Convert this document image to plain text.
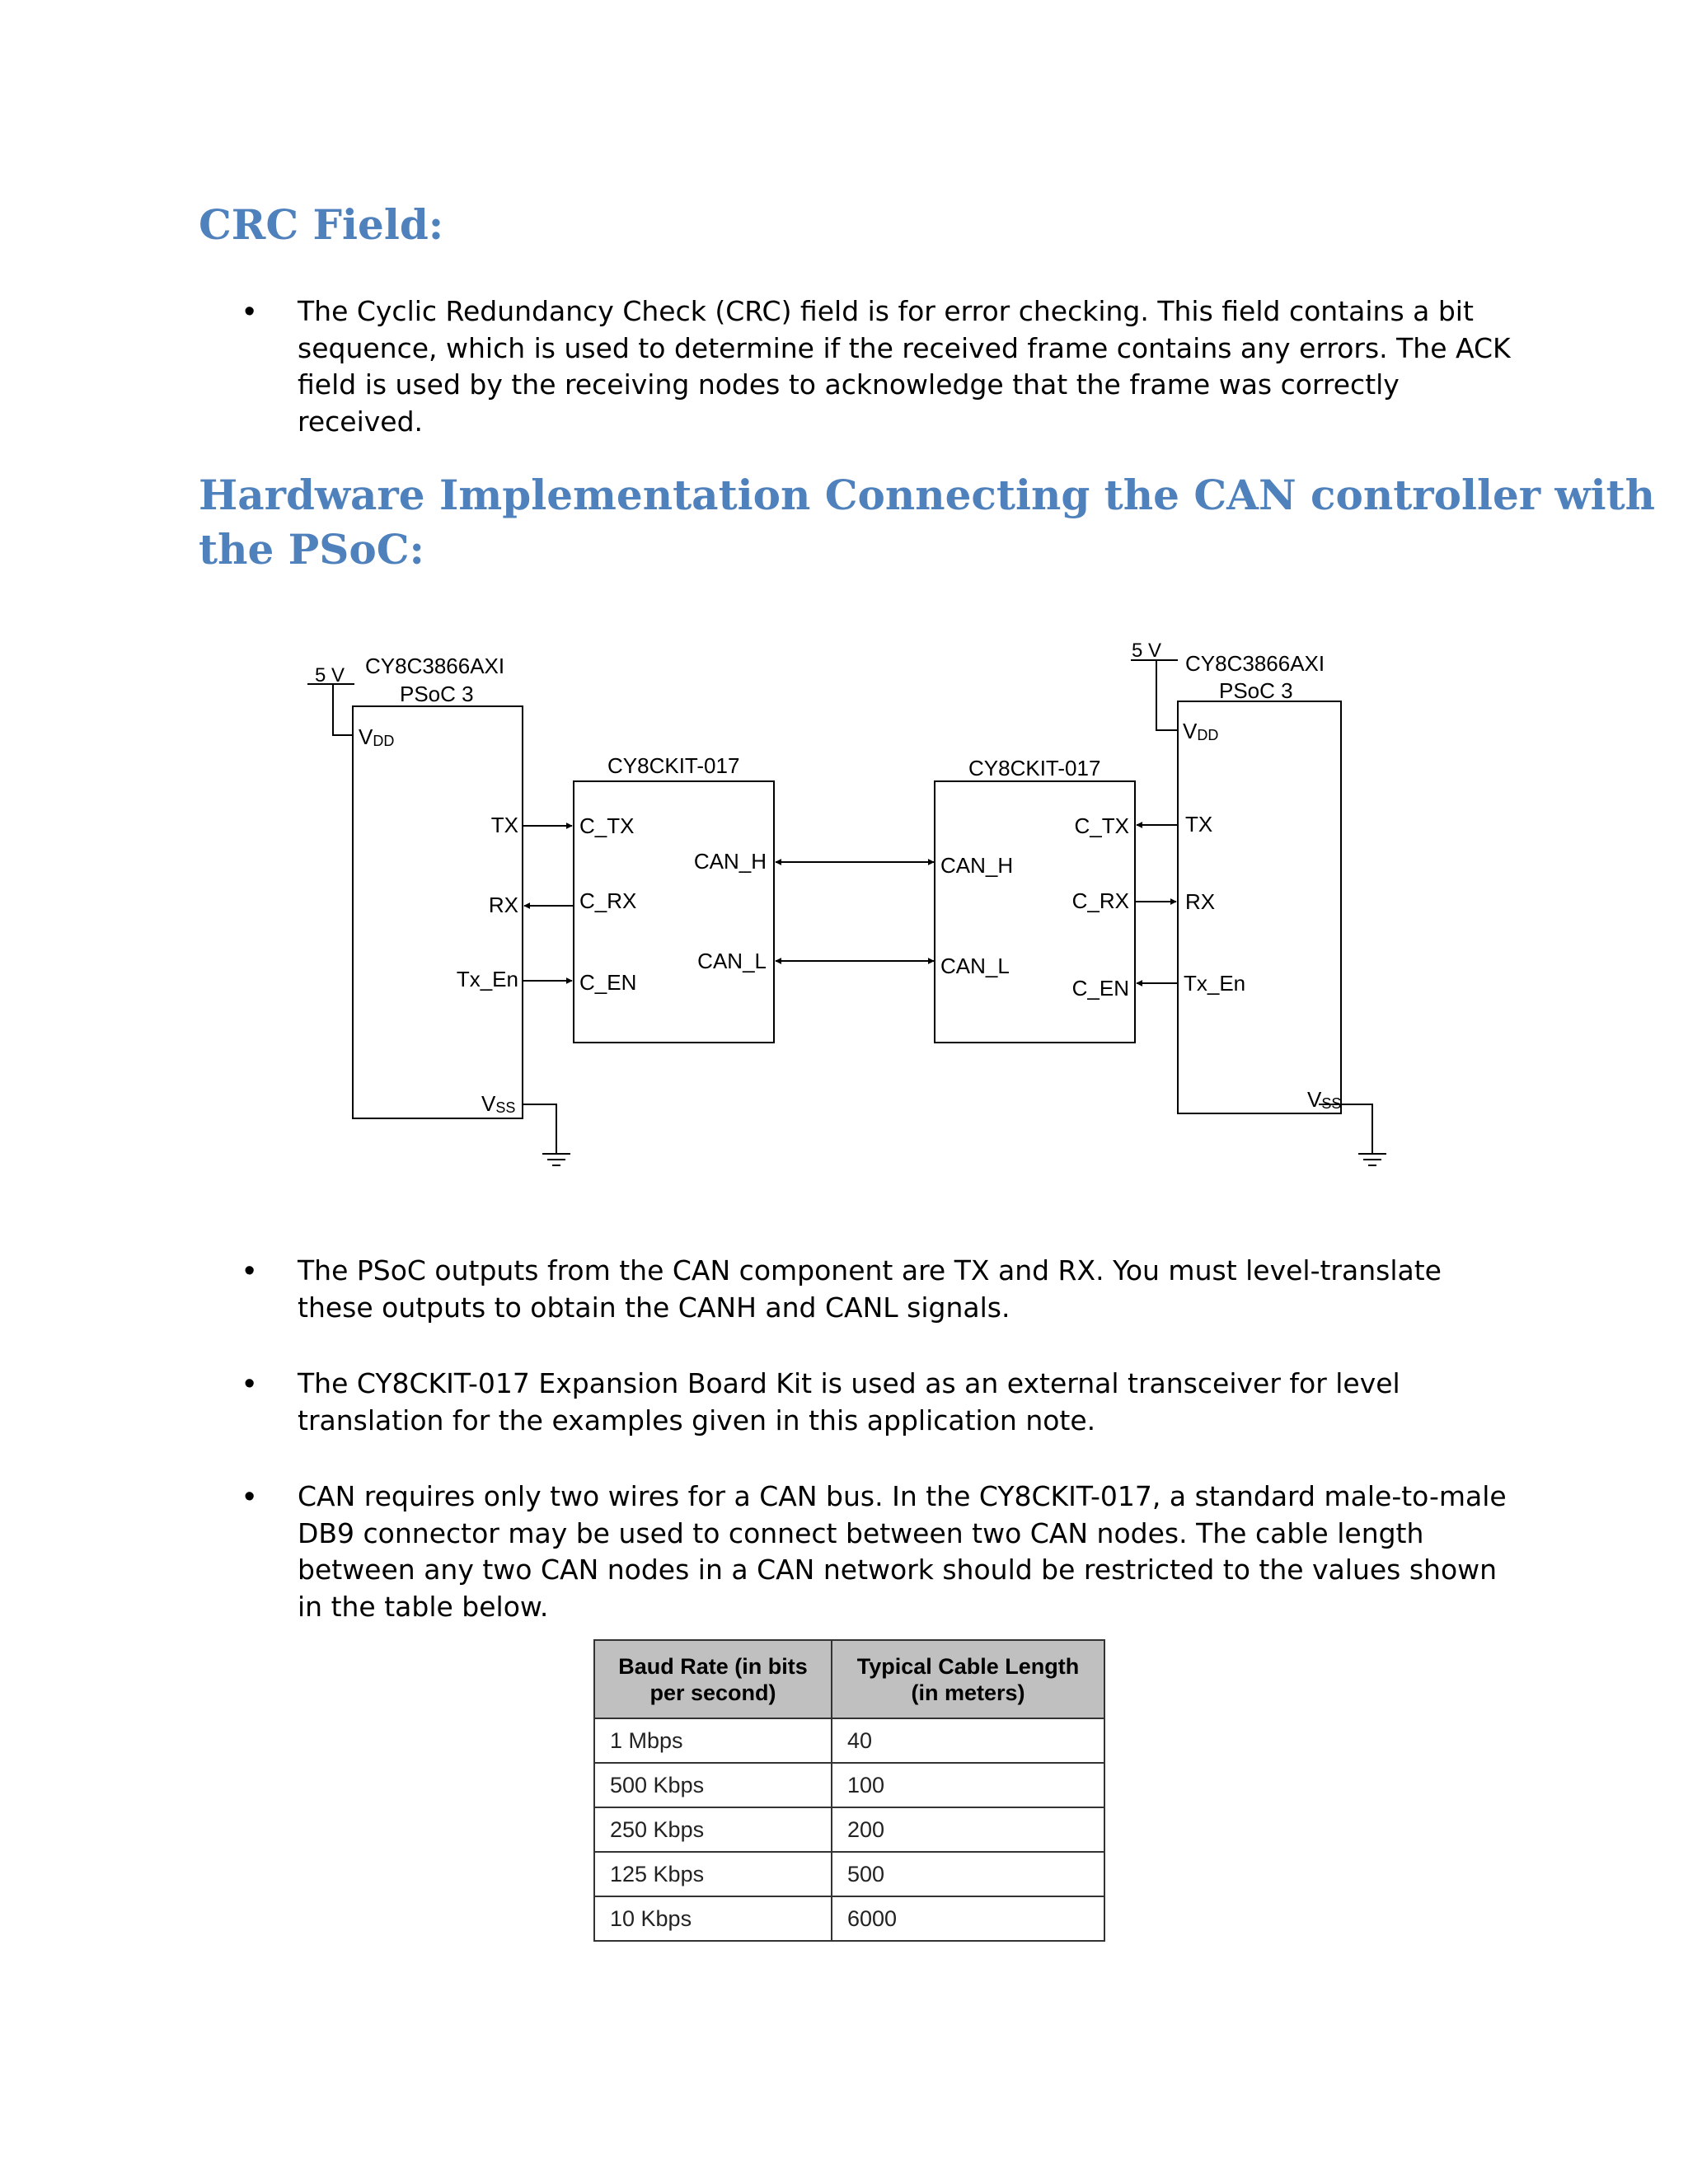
CRC Field:
• The Cyclic Redundancy Check (CRC) field is for error checking. This field contains a bit sequence, which is used to determine if the received frame contains any errors. The ACK field is used by the receiving nodes to acknowledge that the frame was correctly received.

Hardware Implementation Connecting the CAN controller with
the PSoC:
5 V CY8C3866AXI
PSoC 3
VDD
TX
RX
Tx_En
VSS
CY8CKIT-017
C_TX
C_RX
C_EN
CAN_H
CAN_L
CY8CKIT-017
CAN_H
CAN_L
C_TX
C_RX
C_EN
5 V
CY8C3866AXI
PSoC 3
VDD
TX
RX
Tx_En
VSS
• The PSoC outputs from the CAN component are TX and RX. You must level-translate these outputs to obtain the CANH and CANL signals.

• The CY8CKIT-017 Expansion Board Kit is used as an external transceiver for level translation for the examples given in this application note.

• CAN requires only two wires for a CAN bus. In the CY8CKIT-017, a standard male-to-male DB9 connector may be used to connect between two CAN nodes. The cable length between any two CAN nodes in a CAN network should be restricted to the values shown in the table below.

Baud Rate (in bits
per second)	Typical Cable Length
(in meters)
1 Mbps	40
500 Kbps	100
250 Kbps	200
125 Kbps	500
10 Kbps	6000
